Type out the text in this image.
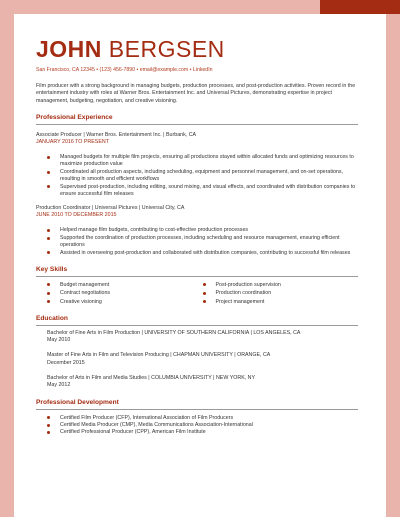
JOHN BERGSEN
San Francisco, CA 12345 • (123) 456-7890 • email@example.com • LinkedIn
Film producer with a strong background in managing budgets, production processes, and post-production activities. Proven record in the entertainment industry with roles at Warner Bros. Entertainment Inc. and Universal Pictures, demonstrating expertise in project management, budgeting, negotiation, and creative visioning.
Professional Experience
Associate Producer | Warner Bros. Entertainment Inc. | Burbank, CA
JANUARY 2016 TO PRESENT
Managed budgets for multiple film projects, ensuring all productions stayed within allocated funds and optimizing resources to maximize production value
Coordinated all production aspects, including scheduling, equipment and personnel management, and on-set operations, resulting in smooth and efficient workflows
Supervised post-production, including editing, sound mixing, and visual effects, and coordinated with distribution companies to ensure successful film releases
Production Coordinator | Universal Pictures | Universal City, CA
JUNE 2010 TO DECEMBER 2015
Helped manage film budgets, contributing to cost-effective production processes
Supported the coordination of production processes, including scheduling and resource management, ensuring efficient operations
Assisted in overseeing post-production and collaborated with distribution companies, contributing to successful film releases
Key Skills
Budget management
Contract negotiations
Creative visioning
Post-production supervision
Production coordination
Project management
Education
Bachelor of Fine Arts in Film Production | UNIVERSITY OF SOUTHERN CALIFORNIA | LOS ANGELES, CA
May 2010
Master of Fine Arts in Film and Television Producing | CHAPMAN UNIVERSITY | ORANGE, CA
December 2015
Bachelor of Arts in Film and Media Studies | COLUMBIA UNIVERSITY | NEW YORK, NY
May 2012
Professional Development
Certified Film Producer (CFP), International Association of Film Producers
Certified Media Producer (CMP), Media Communications Association-International
Certified Professional Producer (CPP), American Film Institute
